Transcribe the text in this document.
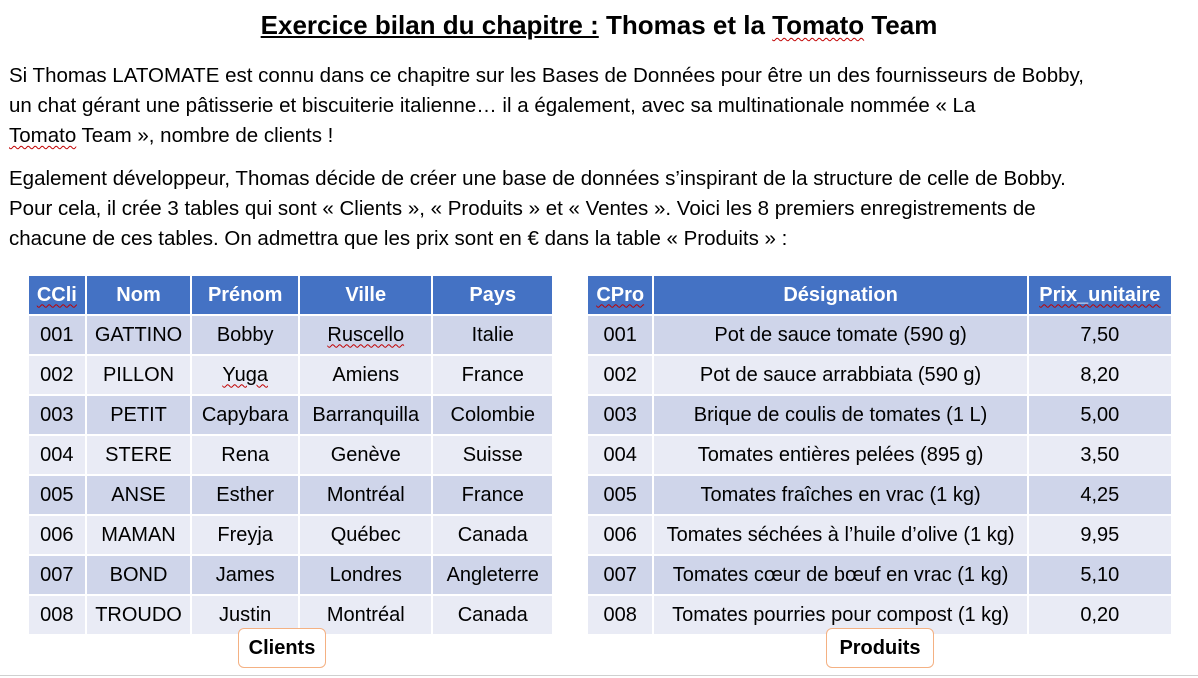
Exercice bilan du chapitre : Thomas et la Tomato Team
Si Thomas LATOMATE est connu dans ce chapitre sur les Bases de Données pour être un des fournisseurs de Bobby,
un chat gérant une pâtisserie et biscuiterie italienne… il a également, avec sa multinationale nommée « La
Tomato Team », nombre de clients !
Egalement développeur, Thomas décide de créer une base de données s’inspirant de la structure de celle de Bobby.
Pour cela, il crée 3 tables qui sont « Clients », « Produits » et « Ventes ». Voici les 8 premiers enregistrements de
chacune de ces tables. On admettra que les prix sont en € dans la table « Produits » :
CCli	Nom	Prénom	Ville	Pays
001	GATTINO	Bobby	Ruscello	Italie
002	PILLON	Yuga	Amiens	France
003	PETIT	Capybara	Barranquilla	Colombie
004	STERE	Rena	Genève	Suisse
005	ANSE	Esther	Montréal	France
006	MAMAN	Freyja	Québec	Canada
007	BOND	James	Londres	Angleterre
008	TROUDO	Justin	Montréal	Canada
CPro	Désignation	Prix_unitaire
001	Pot de sauce tomate (590 g)	7,50
002	Pot de sauce arrabbiata (590 g)	8,20
003	Brique de coulis de tomates (1 L)	5,00
004	Tomates entières pelées (895 g)	3,50
005	Tomates fraîches en vrac (1 kg)	4,25
006	Tomates séchées à l’huile d’olive (1 kg)	9,95
007	Tomates cœur de bœuf en vrac (1 kg)	5,10
008	Tomates pourries pour compost (1 kg)	0,20
Clients	Produits
